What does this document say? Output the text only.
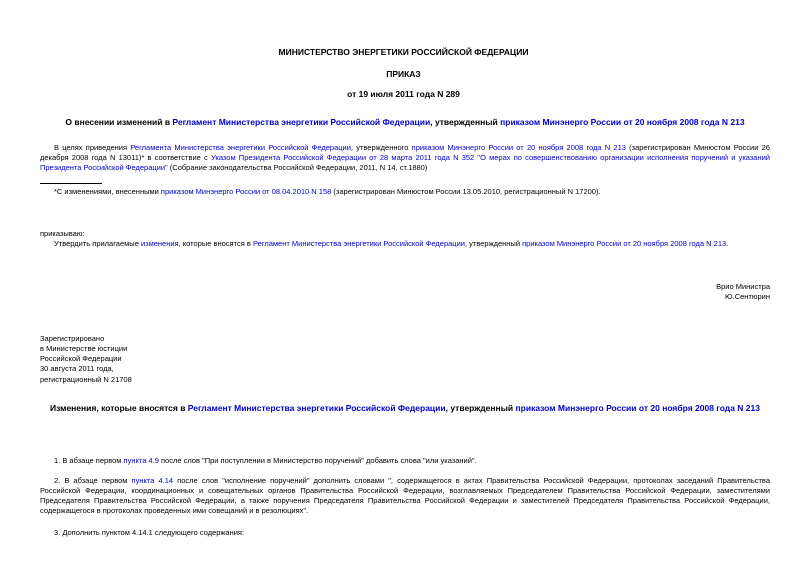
МИНИСТЕРСТВО ЭНЕРГЕТИКИ РОССИЙСКОЙ ФЕДЕРАЦИИ
ПРИКАЗ
от 19 июля 2011 года N 289
О внесении изменений в Регламент Министерства энергетики Российской Федерации, утвержденный приказом Минэнерго России от 20 ноября 2008 года N 213
В целях приведения Регламента Министерства энергетики Российской Федерации, утвержденного приказом Минэнерго России от 20 ноября 2008 года N 213 (зарегистрирован Минюстом России 26 декабря 2008 года N 13011)* в соответствие с Указом Президента Российской Федерации от 28 марта 2011 года N 352 "О мерах по совершенствованию организации исполнения поручений и указаний Президента Российской Федерации" (Собрание законодательства Российской Федерации, 2011, N 14, ст.1880)
*С изменениями, внесенными приказом Минэнерго России от 08.04.2010 N 158 (зарегистрирован Минюстом России 13.05.2010, регистрационный N 17200).
приказываю:
Утвердить прилагаемые изменения, которые вносятся в Регламент Министерства энергетики Российской Федерации, утвержденный приказом Минэнерго России от 20 ноября 2008 года N 213.
Врио Министра
Ю.Сентюрин
Зарегистрировано
в Министерстве юстиции
Российской Федерации
30 августа 2011 года,
регистрационный N 21708
Изменения, которые вносятся в Регламент Министерства энергетики Российской Федерации, утвержденный приказом Минэнерго России от 20 ноября 2008 года N 213
1. В абзаце первом пункта 4.9 после слов "При поступлении в Министерство поручений" добавить слова "или указаний".
2. В абзаце первом пункта 4.14 после слов "исполнение поручений" дополнить словами ", содержащегося в актах Правительства Российской Федерации, протоколах заседаний Правительства Российской Федерации, координационных и совещательных органов Правительства Российской Федерации, возглавляемых Председателем Правительства Российской Федерации, заместителями Председателя Правительства Российской Федерации, а также поручения Председателя Правительства Российской Федерации и заместителей Председателя Правительства Российской Федерации, содержащегося в протоколах проведенных ими совещаний и в резолюциях".
3. Дополнить пунктом 4.14.1 следующего содержания:
